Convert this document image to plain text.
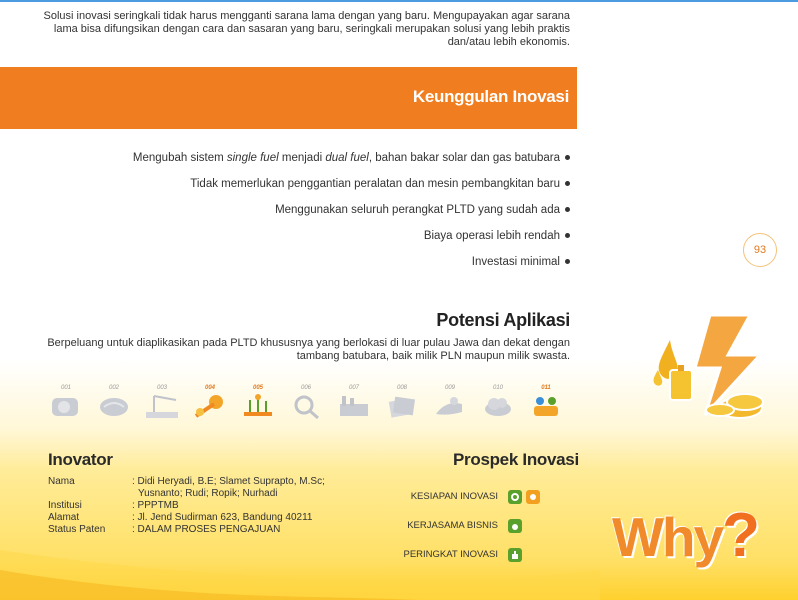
Solusi inovasi seringkali tidak harus mengganti sarana lama dengan yang baru. Mengupayakan agar sarana lama bisa difungsikan dengan cara dan sasaran yang baru, seringkali merupakan solusi yang lebih praktis dan/atau lebih ekonomis.

Keunggulan Inovasi
Mengubah sistem single fuel menjadi dual fuel, bahan bakar solar dan gas batubara
Tidak memerlukan penggantian peralatan dan mesin pembangkitan baru
Menggunakan seluruh perangkat PLTD yang sudah ada
Biaya operasi lebih rendah
Investasi minimal
93
Potensi Aplikasi

Berpeluang untuk diaplikasikan pada PLTD khususnya yang berlokasi di luar pulau Jawa dan dekat dengan tambang batubara, baik milik PLN maupun milik swasta.

001	002	003	004	005	006	007	008	009	010	011
Inovator	Prospek Inovasi
Nama	: Didi Heryadi, B.E; Slamet Suprapto, M.Sc;
Yusnanto; Rudi; Ropik; Nurhadi
Institusi	: PPPTMB
Alamat	: Jl. Jend Sudirman 623, Bandung 40211
Status Paten	: DALAM PROSES PENGAJUAN
KESIAPAN INOVASI
KERJASAMA BISNIS
PERINGKAT INOVASI Why?
